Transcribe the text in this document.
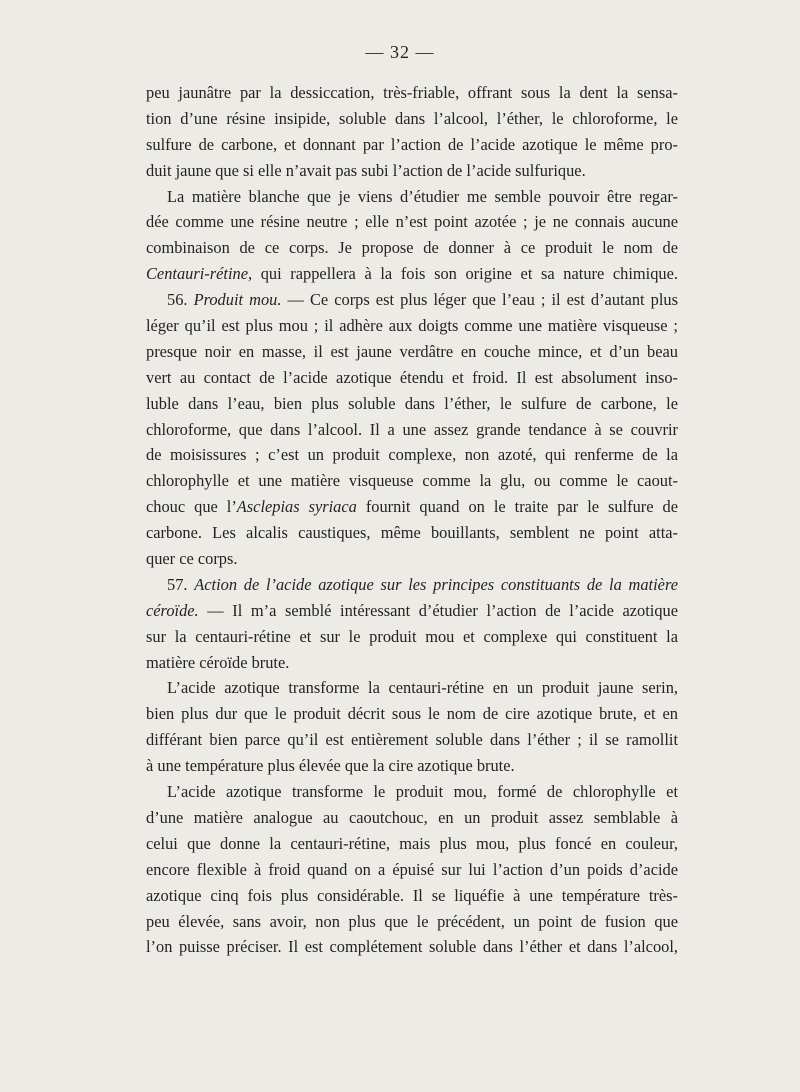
— 32 —
peu jaunâtre par la dessiccation, très-friable, offrant sous la dent la sensa-
tion d’une résine insipide, soluble dans l’alcool, l’éther, le chloroforme, le
sulfure de carbone, et donnant par l’action de l’acide azotique le même pro-
duit jaune que si elle n’avait pas subi l’action de l’acide sulfurique.
La matière blanche que je viens d’étudier me semble pouvoir être regar-
dée comme une résine neutre ; elle n’est point azotée ; je ne connais aucune
combinaison de ce corps. Je propose de donner à ce produit le nom de
Centauri-rétine, qui rappellera à la fois son origine et sa nature chimique.
56. Produit mou. — Ce corps est plus léger que l’eau ; il est d’autant plus
léger qu’il est plus mou ; il adhère aux doigts comme une matière visqueuse ;
presque noir en masse, il est jaune verdâtre en couche mince, et d’un beau
vert au contact de l’acide azotique étendu et froid. Il est absolument inso-
luble dans l’eau, bien plus soluble dans l’éther, le sulfure de carbone, le
chloroforme, que dans l’alcool. Il a une assez grande tendance à se couvrir
de moisissures ; c’est un produit complexe, non azoté, qui renferme de la
chlorophylle et une matière visqueuse comme la glu, ou comme le caout-
chouc que l’Asclepias syriaca fournit quand on le traite par le sulfure de
carbone. Les alcalis caustiques, même bouillants, semblent ne point atta-
quer ce corps.
57. Action de l’acide azotique sur les principes constituants de la matière
céroïde. — Il m’a semblé intéressant d’étudier l’action de l’acide azotique
sur la centauri-rétine et sur le produit mou et complexe qui constituent la
matière céroïde brute.
L’acide azotique transforme la centauri-rétine en un produit jaune serin,
bien plus dur que le produit décrit sous le nom de cire azotique brute, et en
différant bien parce qu’il est entièrement soluble dans l’éther ; il se ramollit
à une température plus élevée que la cire azotique brute.
L’acide azotique transforme le produit mou, formé de chlorophylle et
d’une matière analogue au caoutchouc, en un produit assez semblable à
celui que donne la centauri-rétine, mais plus mou, plus foncé en couleur,
encore flexible à froid quand on a épuisé sur lui l’action d’un poids d’acide
azotique cinq fois plus considérable. Il se liquéfie à une température très-
peu élevée, sans avoir, non plus que le précédent, un point de fusion que
l’on puisse préciser. Il est complétement soluble dans l’éther et dans l’alcool,
